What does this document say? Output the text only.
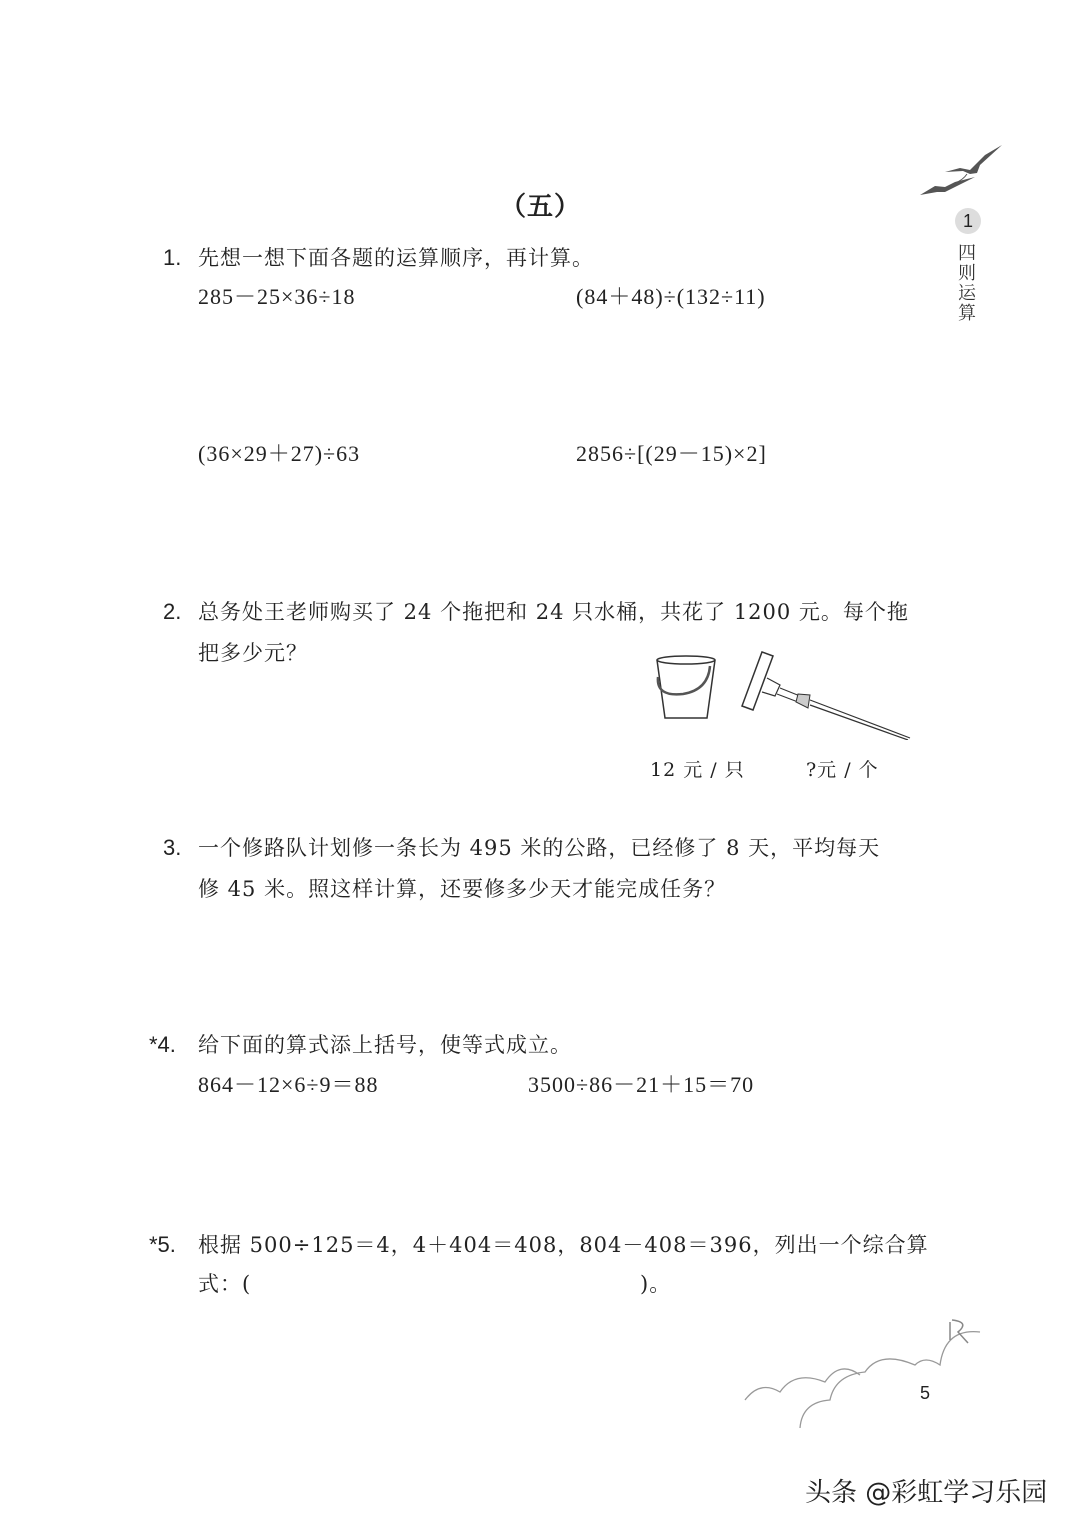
1
四则运算
（五）
1. 先想一想下面各题的运算顺序，再计算。
285－25×36÷18	(84＋48)÷(132÷11)
(36×29＋27)÷63	2856÷[(29－15)×2]
2. 总务处王老师购买了 24 个拖把和 24 只水桶，共花了 1200 元。每个拖
把多少元？
12 元 / 只	?元 / 个
3. 一个修路队计划修一条长为 495 米的公路，已经修了 8 天，平均每天
修 45 米。照这样计算，还要修多少天才能完成任务？
*4. 给下面的算式添上括号，使等式成立。
864－12×6÷9＝88	3500÷86－21＋15＝70
*5. 根据 500÷125＝4，4＋404＝408，804－408＝396，列出一个综合算
式：(	)。
5
头条 @彩虹学习乐园
